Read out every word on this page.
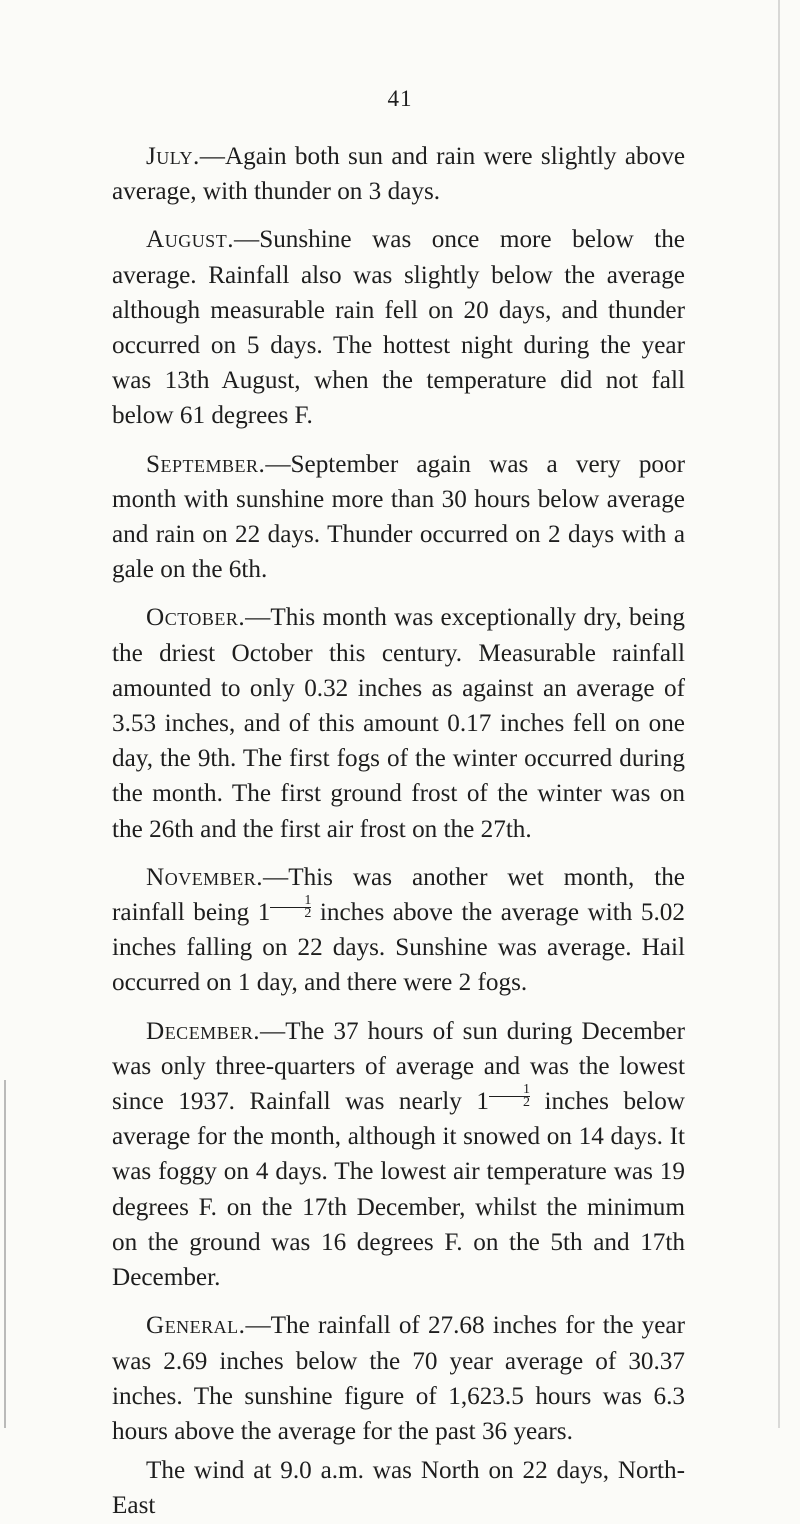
41

July.—Again both sun and rain were slightly above average, with thunder on 3 days.

August.—Sunshine was once more below the average. Rainfall also was slightly below the average although measurable rain fell on 20 days, and thunder occurred on 5 days. The hottest night during the year was 13th August, when the temperature did not fall below 61 degrees F.

September.—September again was a very poor month with sunshine more than 30 hours below average and rain on 22 days. Thunder occurred on 2 days with a gale on the 6th.

October.—This month was exceptionally dry, being the driest October this century. Measurable rainfall amounted to only 0.32 inches as against an average of 3.53 inches, and of this amount 0.17 inches fell on one day, the 9th. The first fogs of the winter occurred during the month. The first ground frost of the winter was on the 26th and the first air frost on the 27th.

November.—This was another wet month, the rainfall being $1 \frac{1}{2}$ inches above the average with 5.02 inches falling on 22 days. Sunshine was average. Hail occurred on 1 day, and there were 2 fogs.

December.—The 37 hours of sun during December was only three-quarters of average and was the lowest since 1937. Rainfall was nearly $1 \frac{1}{2}$ inches below average for the month, although it snowed on 14 days. It was foggy on 4 days. The lowest air temperature was 19 degrees F. on the 17th December, whilst the minimum on the ground was 16 degrees F. on the 5th and 17th December.

General.—The rainfall of 27.68 inches for the year was 2.69 inches below the 70 year average of 30.37 inches. The sunshine figure of 1,623.5 hours was 6.3 hours above the average for the past 36 years.

The wind at 9.0 a.m. was North on 22 days, North-East
